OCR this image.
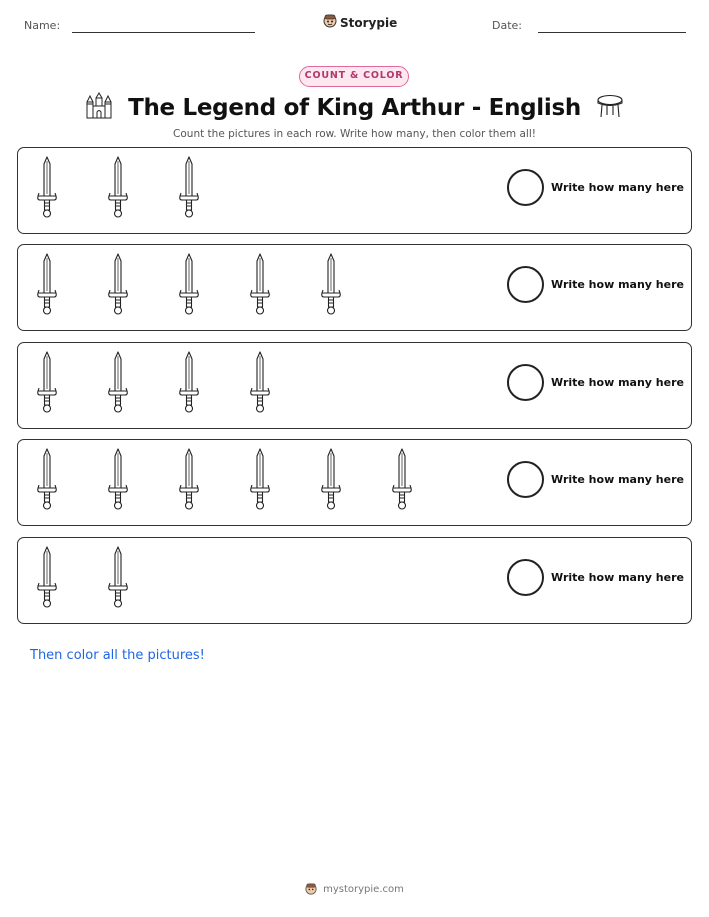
Name:	Storypie	Date:
COUNT & COLOR
The Legend of King Arthur - English
Count the pictures in each row. Write how many, then color them all!
Write how many here
Write how many here
Write how many here
Write how many here
Write how many here
Then color all the pictures!
mystorypie.com
